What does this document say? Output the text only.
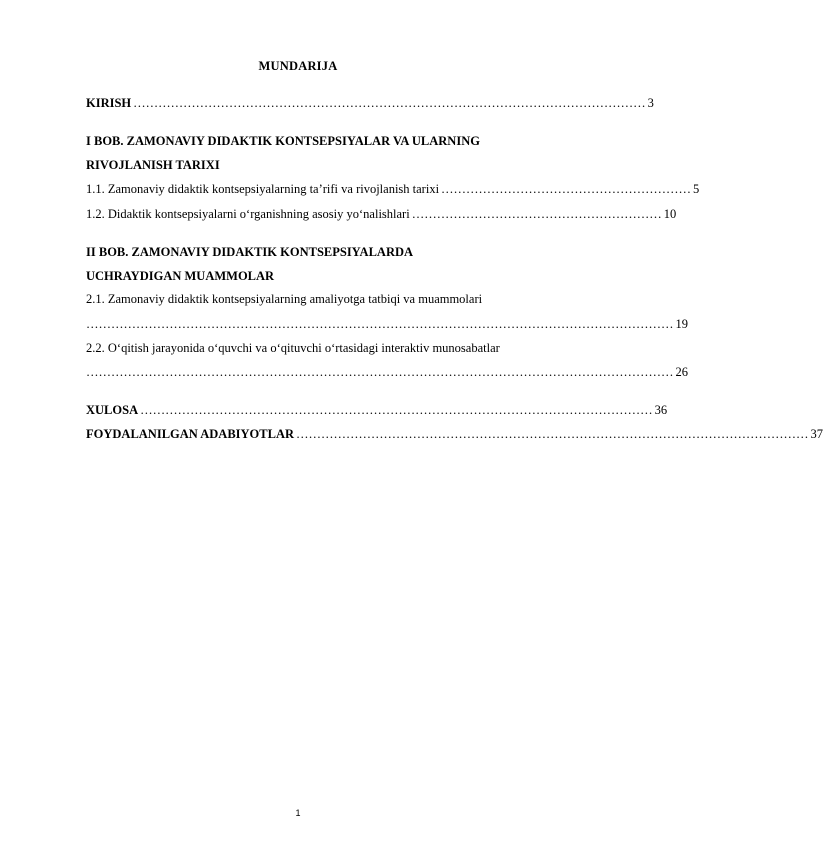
MUNDARIJA
KIRISH …………………………………………………………………………………………………………… 3
I BOB. ZAMONAVIY DIDAKTIK KONTSEPSIYALAR VA ULARNING
RIVOJLANISH TARIXI
1.1. Zamonaviy didaktik kontsepsiyalarning ta’rifi va rivojlanish tarixi …………………………………………………… 5
1.2. Didaktik kontsepsiyalarni o‘rganishning asosiy yo‘nalishlari …………………………………………………… 10
II BOB. ZAMONAVIY DIDAKTIK KONTSEPSIYALARDA
UCHRAYDIGAN MUAMMOLAR
2.1. Zamonaviy didaktik kontsepsiyalarning amaliyotga tatbiqi va muammolari
…………………………………………………………………………………………………………………………… 19
2.2. O‘qitish jarayonida o‘quvchi va o‘qituvchi o‘rtasidagi interaktiv munosabatlar
…………………………………………………………………………………………………………………………… 26
XULOSA …………………………………………………………………………………………………………… 36
FOYDALANILGAN ADABIYOTLAR …………………………………………………………………………………………………………… 37
1
